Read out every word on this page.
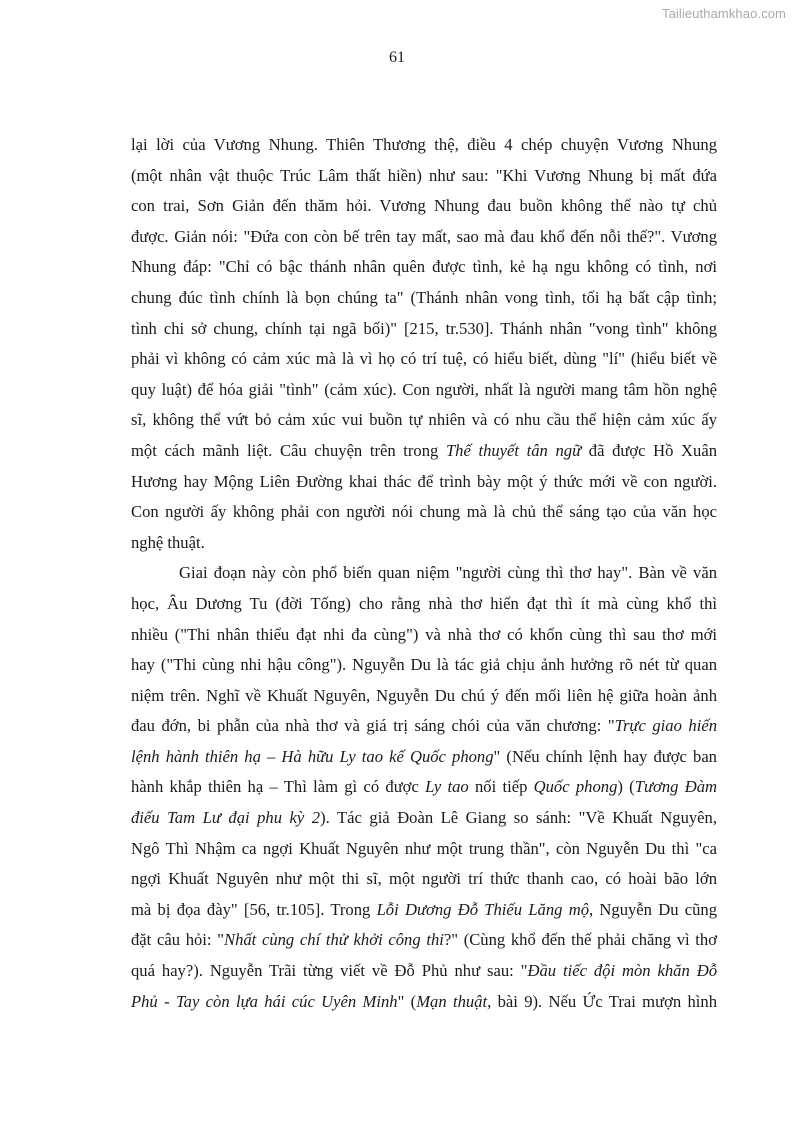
Tailieuthamkhao.com
61
lại lời của Vương Nhung. Thiên Thương thệ, điều 4 chép chuyện Vương Nhung
(một nhân vật thuộc Trúc Lâm thất hiền) như sau: "Khi Vương Nhung bị mất đứa
con trai, Sơn Giản đến thăm hỏi. Vương Nhung đau buồn không thể nào tự chủ
được. Giản nói: "Đứa con còn bế trên tay mất, sao mà đau khổ đến nỗi thế?". Vương
Nhung đáp: "Chỉ có bậc thánh nhân quên được tình, kẻ hạ ngu không có tình, nơi
chung đúc tình chính là bọn chúng ta" (Thánh nhân vong tình, tối hạ bất cập tình;
tình chi sở chung, chính tại ngã bối)" [215, tr.530]. Thánh nhân "vong tình" không
phải vì không có cảm xúc mà là vì họ có trí tuệ, có hiểu biết, dùng "lí" (hiểu biết về
quy luật) để hóa giải "tình" (cảm xúc). Con người, nhất là người mang tâm hồn nghệ
sĩ, không thể vứt bỏ cảm xúc vui buồn tự nhiên và có nhu cầu thể hiện cảm xúc ấy
một cách mãnh liệt. Câu chuyện trên trong Thế thuyết tân ngữ đã được Hồ Xuân
Hương hay Mộng Liên Đường khai thác để trình bày một ý thức mới về con người.
Con người ấy không phải con người nói chung mà là chủ thể sáng tạo của văn học
nghệ thuật.
Giai đoạn này còn phổ biến quan niệm "người cùng thì thơ hay". Bàn về văn
học, Âu Dương Tu (đời Tống) cho rằng nhà thơ hiển đạt thì ít mà cùng khổ thì
nhiều ("Thi nhân thiểu đạt nhi đa cùng") và nhà thơ có khốn cùng thì sau thơ mới
hay ("Thi cùng nhi hậu công"). Nguyễn Du là tác giả chịu ảnh hưởng rõ nét từ quan
niệm trên. Nghĩ về Khuất Nguyên, Nguyễn Du chú ý đến mối liên hệ giữa hoàn ảnh
đau đớn, bi phẫn của nhà thơ và giá trị sáng chói của văn chương: "Trực giao hiến
lệnh hành thiên hạ – Hà hữu Ly tao kế Quốc phong" (Nếu chính lệnh hay được ban
hành khắp thiên hạ – Thì làm gì có được Ly tao nối tiếp Quốc phong) (Tương Đàm
điếu Tam Lư đại phu kỳ 2). Tác giả Đoàn Lê Giang so sánh: "Về Khuất Nguyên,
Ngô Thì Nhậm ca ngợi Khuất Nguyên như một trung thần", còn Nguyễn Du thì "ca
ngợi Khuất Nguyên như một thi sĩ, một người trí thức thanh cao, có hoài bão lớn
mà bị đọa đày" [56, tr.105]. Trong Lỗi Dương Đỗ Thiếu Lăng mộ, Nguyễn Du cũng
đặt câu hỏi: "Nhất cùng chí thử khởi công thi?" (Cùng khổ đến thế phải chăng vì thơ
quá hay?). Nguyễn Trãi từng viết về Đỗ Phủ như sau: "Đầu tiếc đội mòn khăn Đỗ
Phủ - Tay còn lựa hái cúc Uyên Minh" (Mạn thuật, bài 9). Nếu Ức Trai mượn hình
